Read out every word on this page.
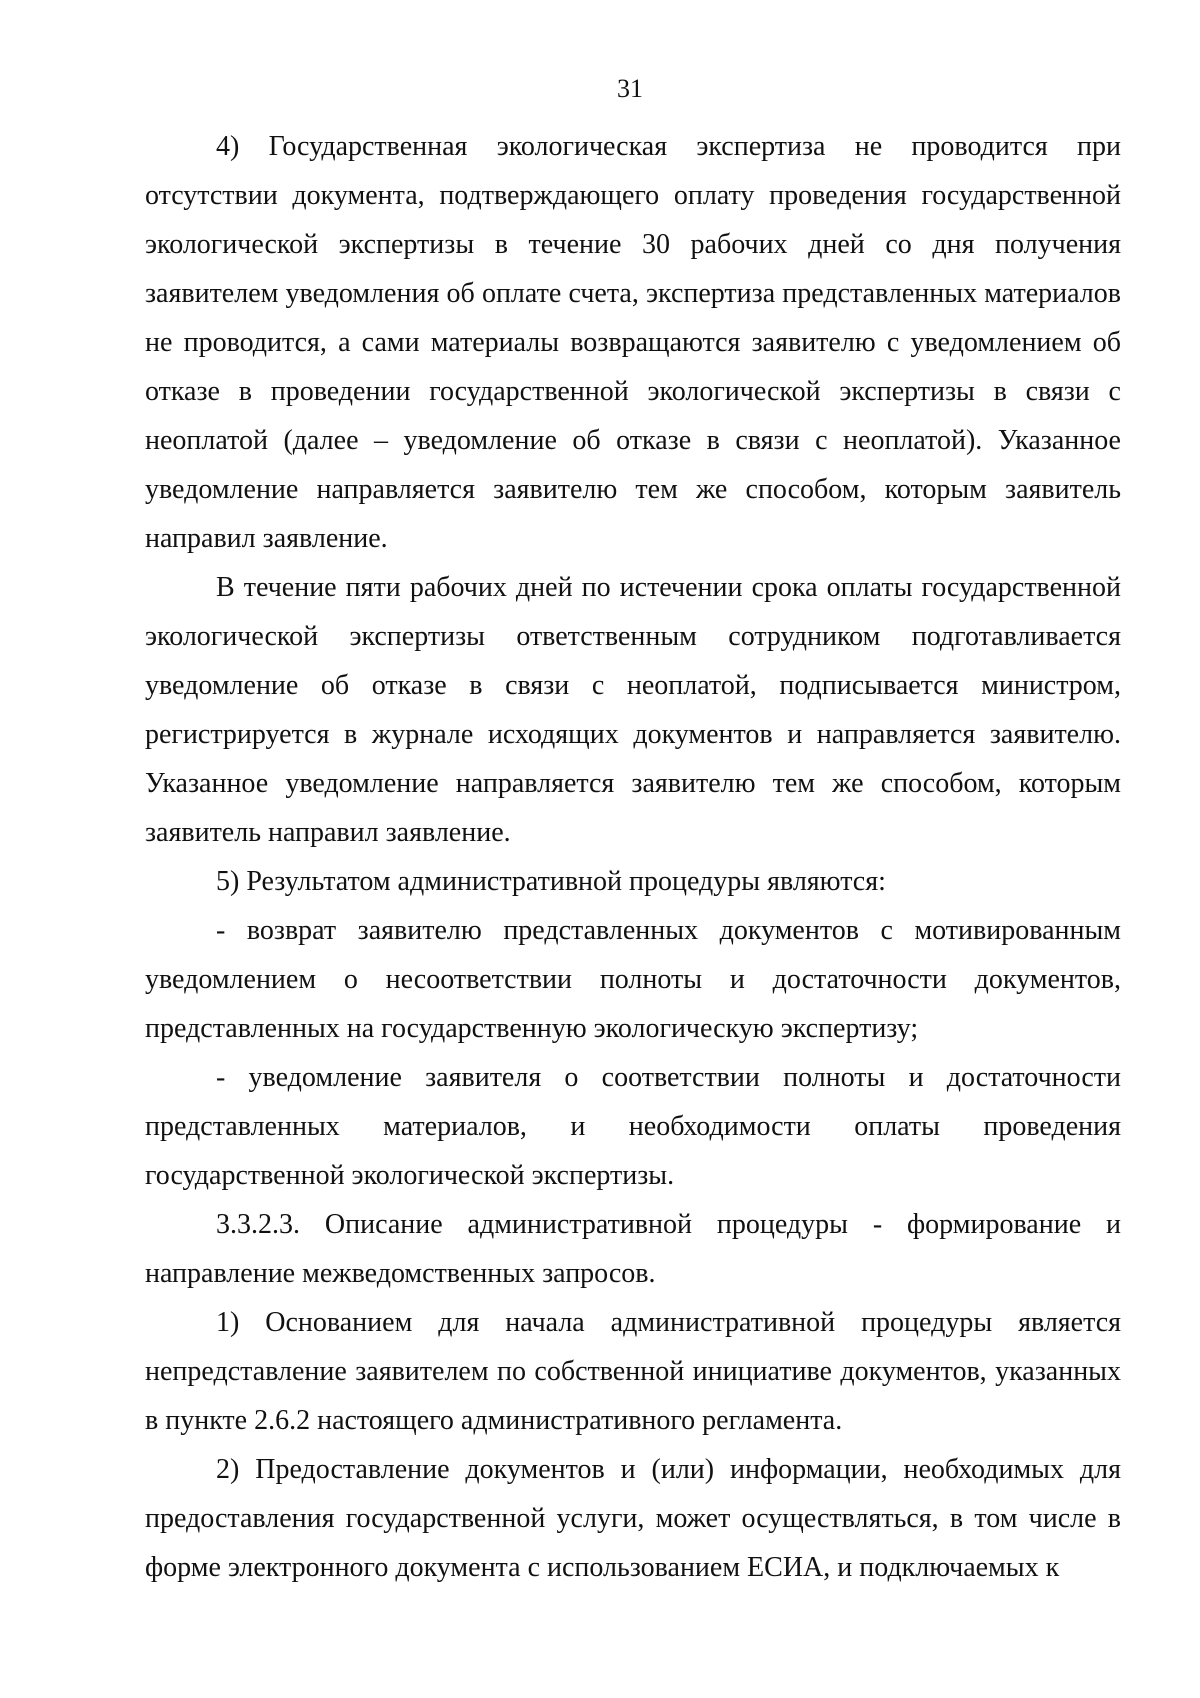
31

4) Государственная экологическая экспертиза не проводится при отсутствии документа, подтверждающего оплату проведения государственной экологической экспертизы в течение 30 рабочих дней со дня получения заявителем уведомления об оплате счета, экспертиза представленных материалов не проводится, а сами материалы возвращаются заявителю с уведомлением об отказе в проведении государственной экологической экспертизы в связи с неоплатой (далее – уведомление об отказе в связи с неоплатой). Указанное уведомление направляется заявителю тем же способом, которым заявитель направил заявление.

В течение пяти рабочих дней по истечении срока оплаты государственной экологической экспертизы ответственным сотрудником подготавливается уведомление об отказе в связи с неоплатой, подписывается министром, регистрируется в журнале исходящих документов и направляется заявителю. Указанное уведомление направляется заявителю тем же способом, которым заявитель направил заявление.

5) Результатом административной процедуры являются:

- возврат заявителю представленных документов с мотивированным уведомлением о несоответствии полноты и достаточности документов, представленных на государственную экологическую экспертизу;

- уведомление заявителя о соответствии полноты и достаточности представленных материалов, и необходимости оплаты проведения государственной экологической экспертизы.

3.3.2.3. Описание административной процедуры - формирование и направление межведомственных запросов.

1) Основанием для начала административной процедуры является непредставление заявителем по собственной инициативе документов, указанных в пункте 2.6.2 настоящего административного регламента.

2) Предоставление документов и (или) информации, необходимых для предоставления государственной услуги, может осуществляться, в том числе в форме электронного документа с использованием ЕСИА, и подключаемых к
